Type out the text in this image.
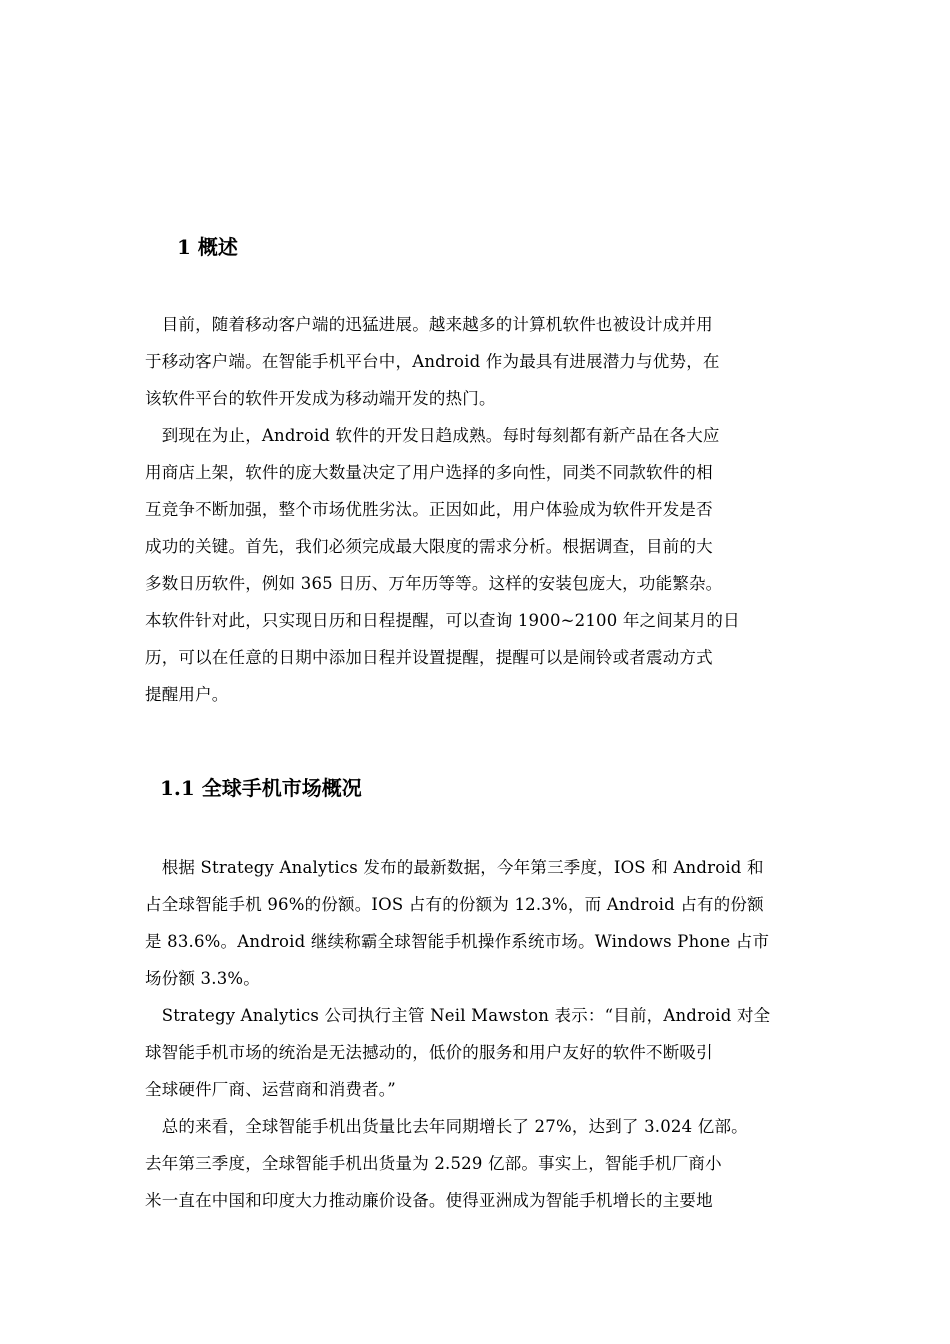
1 概述
　目前，随着移动客户端的迅猛进展。越来越多的计算机软件也被设计成并用
于移动客户端。在智能手机平台中，Android 作为最具有进展潜力与优势，在
该软件平台的软件开发成为移动端开发的热门。
　到现在为止，Android 软件的开发日趋成熟。每时每刻都有新产品在各大应
用商店上架，软件的庞大数量决定了用户选择的多向性，同类不同款软件的相
互竞争不断加强，整个市场优胜劣汰。正因如此，用户体验成为软件开发是否
成功的关键。首先，我们必须完成最大限度的需求分析。根据调查，目前的大
多数日历软件，例如 365 日历、万年历等等。这样的安装包庞大，功能繁杂。
本软件针对此，只实现日历和日程提醒，可以查询 1900~2100 年之间某月的日
历，可以在任意的日期中添加日程并设置提醒，提醒可以是闹铃或者震动方式
提醒用户。
1.1 全球手机市场概况
　根据 Strategy Analytics 发布的最新数据，今年第三季度，IOS 和 Android 和
占全球智能手机 96%的份额。IOS 占有的份额为 12.3%，而 Android 占有的份额
是 83.6%。Android 继续称霸全球智能手机操作系统市场。Windows Phone 占市
场份额 3.3%。
　Strategy Analytics 公司执行主管 Neil Mawston 表示：“目前，Android 对全
球智能手机市场的统治是无法撼动的，低价的服务和用户友好的软件不断吸引
全球硬件厂商、运营商和消费者。”
　总的来看，全球智能手机出货量比去年同期增长了 27%，达到了 3.024 亿部。
去年第三季度，全球智能手机出货量为 2.529 亿部。事实上，智能手机厂商小
米一直在中国和印度大力推动廉价设备。使得亚洲成为智能手机增长的主要地
